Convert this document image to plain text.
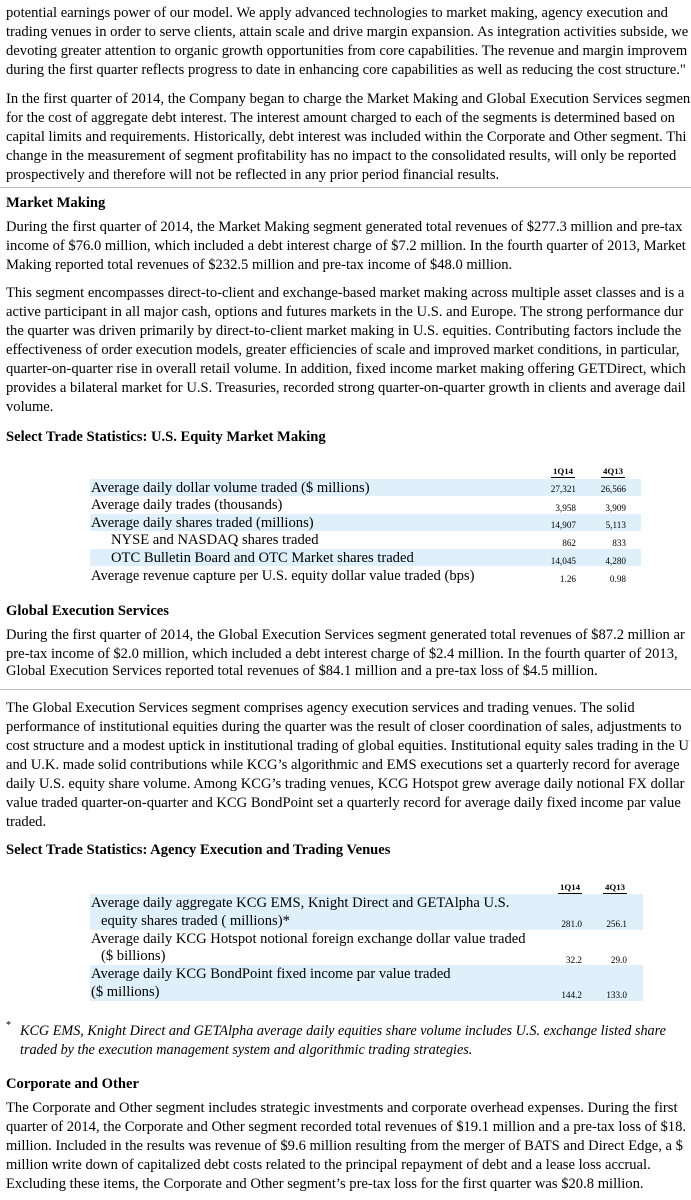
potential earnings power of our model. We apply advanced technologies to market making, agency execution and
trading venues in order to serve clients, attain scale and drive margin expansion. As integration activities subside, we
devoting greater attention to organic growth opportunities from core capabilities. The revenue and margin improvem
during the first quarter reflects progress to date in enhancing core capabilities as well as reducing the cost structure."
In the first quarter of 2014, the Company began to charge the Market Making and Global Execution Services segmen
for the cost of aggregate debt interest. The interest amount charged to each of the segments is determined based on
capital limits and requirements. Historically, debt interest was included within the Corporate and Other segment. Thi
change in the measurement of segment profitability has no impact to the consolidated results, will only be reported
prospectively and therefore will not be reflected in any prior period financial results.
Market Making
During the first quarter of 2014, the Market Making segment generated total revenues of $277.3 million and pre-tax
income of $76.0 million, which included a debt interest charge of $7.2 million. In the fourth quarter of 2013, Market
Making reported total revenues of $232.5 million and pre-tax income of $48.0 million.
This segment encompasses direct-to-client and exchange-based market making across multiple asset classes and is a
active participant in all major cash, options and futures markets in the U.S. and Europe. The strong performance dur
the quarter was driven primarily by direct-to-client market making in U.S. equities. Contributing factors include the
effectiveness of order execution models, greater efficiencies of scale and improved market conditions, in particular,
quarter-on-quarter rise in overall retail volume. In addition, fixed income market making offering GETDirect, which
provides a bilateral market for U.S. Treasuries, recorded strong quarter-on-quarter growth in clients and average dail
volume.
Select Trade Statistics: U.S. Equity Market Making
1Q14	4Q13
Average daily dollar volume traded ($ millions)	27,321	26,566
Average daily trades (thousands)	3,958	3,909
Average daily shares traded (millions)	14,907	5,113
NYSE and NASDAQ shares traded	862	833
OTC Bulletin Board and OTC Market shares traded	14,045	4,280
Average revenue capture per U.S. equity dollar value traded (bps)	1.26	0.98
Global Execution Services
During the first quarter of 2014, the Global Execution Services segment generated total revenues of $87.2 million ar
pre-tax income of $2.0 million, which included a debt interest charge of $2.4 million. In the fourth quarter of 2013,
Global Execution Services reported total revenues of $84.1 million and a pre-tax loss of $4.5 million.
The Global Execution Services segment comprises agency execution services and trading venues. The solid
performance of institutional equities during the quarter was the result of closer coordination of sales, adjustments to
cost structure and a modest uptick in institutional trading of global equities. Institutional equity sales trading in the U
and U.K. made solid contributions while KCG’s algorithmic and EMS executions set a quarterly record for average
daily U.S. equity share volume. Among KCG’s trading venues, KCG Hotspot grew average daily notional FX dollar
value traded quarter-on-quarter and KCG BondPoint set a quarterly record for average daily fixed income par value
traded.
Select Trade Statistics: Agency Execution and Trading Venues
1Q14	4Q13
Average daily aggregate KCG EMS, Knight Direct and GETAlpha U.S.
equity shares traded ( millions)*	281.0	256.1
Average daily KCG Hotspot notional foreign exchange dollar value traded
($ billions)	32.2	29.0
Average daily KCG BondPoint fixed income par value traded
($ millions)	144.2	133.0
* KCG EMS, Knight Direct and GETAlpha average daily equities share volume includes U.S. exchange listed share
traded by the execution management system and algorithmic trading strategies.
Corporate and Other
The Corporate and Other segment includes strategic investments and corporate overhead expenses. During the first
quarter of 2014, the Corporate and Other segment recorded total revenues of $19.1 million and a pre-tax loss of $18.
million. Included in the results was revenue of $9.6 million resulting from the merger of BATS and Direct Edge, a $
million write down of capitalized debt costs related to the principal repayment of debt and a lease loss accrual.
Excluding these items, the Corporate and Other segment’s pre-tax loss for the first quarter was $20.8 million.
